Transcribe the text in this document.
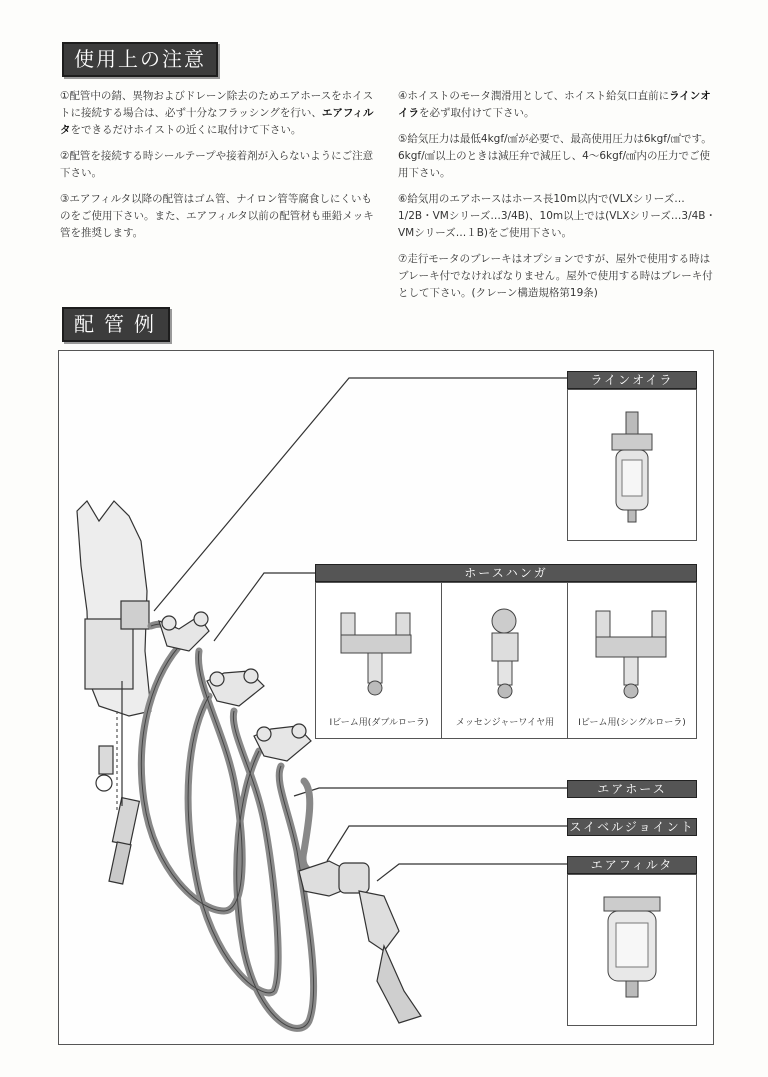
使用上の注意

①配管中の錆、異物およびドレーン除去のためエアホースをホイストに接続する場合は、必ず十分なフラッシングを行い、エアフィルタをできるだけホイストの近くに取付けて下さい。

②配管を接続する時シールテープや接着剤が入らないようにご注意下さい。

③エアフィルタ以降の配管はゴム管、ナイロン管等腐食しにくいものをご使用下さい。また、エアフィルタ以前の配管材も亜鉛メッキ管を推奨します。

④ホイストのモータ潤滑用として、ホイスト給気口直前にラインオイラを必ず取付けて下さい。

⑤給気圧力は最低4kgf/㎠が必要で、最高使用圧力は6kgf/㎠です。6kgf/㎠以上のときは減圧弁で減圧し、4～6kgf/㎠内の圧力でご使用下さい。

⑥給気用のエアホースはホース長10m以内で(VLXシリーズ…1/2B・VMシリーズ…3/4B)、10m以上では(VLXシリーズ…3/4B・VMシリーズ…１B)をご使用下さい。

⑦走行モータのブレーキはオプションですが、屋外で使用する時はブレーキ付でなければなりません。屋外で使用する時はブレーキ付として下さい。(クレーン構造規格第19条)

配管例
ラインオイラ
ホースハンガ
Iビーム用(ダブルローラ)	メッセンジャーワイヤ用	Iビーム用(シングルローラ)
エアホース
スイベルジョイント
エアフィルタ
